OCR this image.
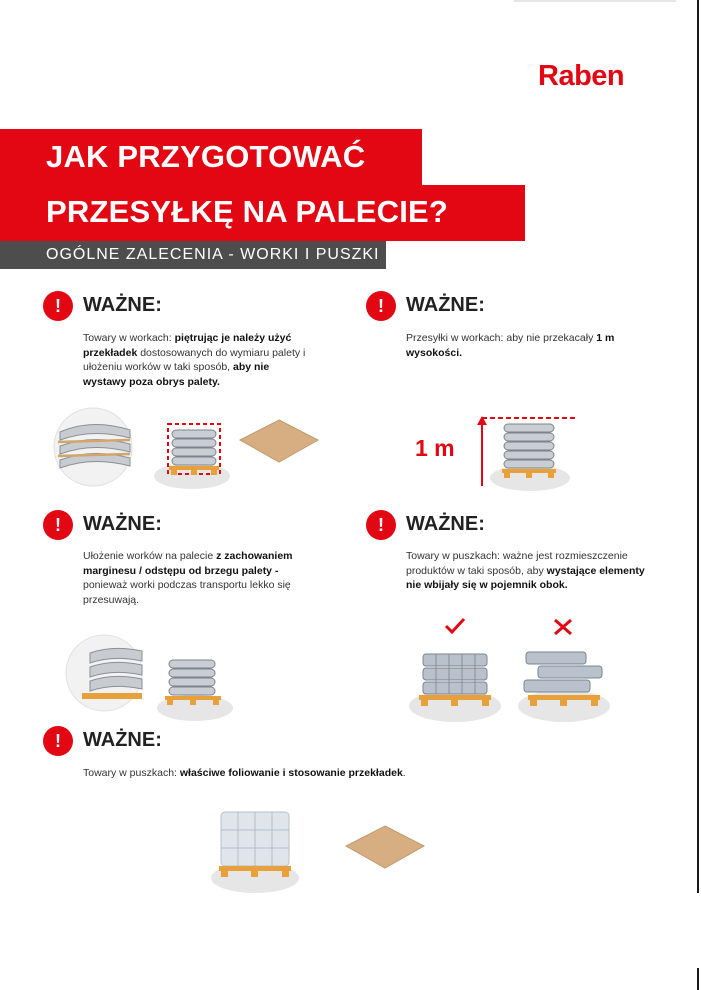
Raben
JAK PRZYGOTOWAĆ
PRZESYŁKĘ NA PALECIE?
OGÓLNE ZALECENIA - WORKI I PUSZKI
!	WAŻNE:
Towary w workach: piętrując je należy użyć przekładek dostosowanych do wymiaru palety i ułożeniu worków w taki sposób, aby nie wystawy poza obrys palety.
!	WAŻNE:
Przesyłki w workach: aby nie przekacały 1 m wysokości.
!	WAŻNE:
Ułożenie worków na palecie z zachowaniem marginesu / odstępu od brzegu palety - ponieważ worki podczas transportu lekko się przesuwają.
!	WAŻNE:
Towary w puszkach: ważne jest rozmieszczenie produktów w taki sposób, aby wystające elementy nie wbijały się w pojemnik obok.
!	WAŻNE:
Towary w puszkach: właściwe foliowanie i stosowanie przekładek.
1 m
